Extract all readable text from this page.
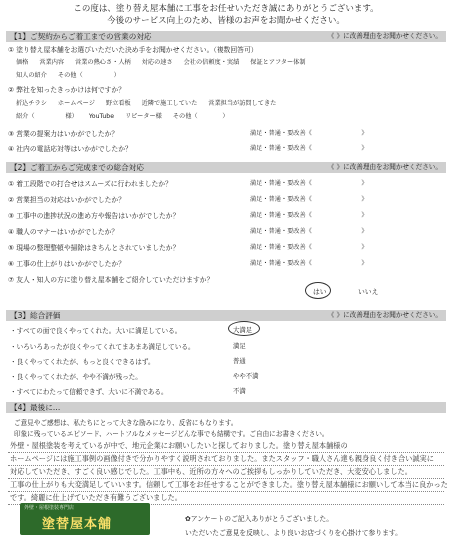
この度は、塗り替え屋本舗に工事をお任せいただき誠にありがとうございます。
今後のサービス向上のため、皆様のお声をお聞かせください。
【1】ご契約からご着工までの営業の対応	《 》に改善理由をお聞かせください。
① 塗り替え屋本舗をお選びいただいた決め手をお聞かせください。（複数回答可）
価格 営業内容 営業の熱心さ・人柄 対応の速さ 会社の信頼度・実績 保証とアフター体制
知人の紹介 その他（　　　　　）
② 弊社を知ったきっかけは何ですか？
折込チラシ ホームページ 野立看板 近隣で施工していた 営業担当が訪問してきた
紹介（　　　　　様） YouTube リピーター様 その他（　　　　）
③ 営業の提案力はいかがでしたか？	満足・普通・要改善《　　　　　　　　》
④ 社内の電話応対等はいかがでしたか？	満足・普通・要改善《　　　　　　　　》
【2】ご着工からご完成までの総合対応	《 》に改善理由をお聞かせください。
① 着工段階での打合せはスムーズに行われましたか？	満足・普通・要改善《　　　　　　　　》
② 営業担当の対応はいかがでしたか？	満足・普通・要改善《　　　　　　　　》
③ 工事中の進捗状況の進め方や報告はいかがでしたか？	満足・普通・要改善《　　　　　　　　》
④ 職人のマナーはいかがでしたか？	満足・普通・要改善《　　　　　　　　》
⑤ 現場の整理整頓や掃除はきちんとされていましたか？	満足・普通・要改善《　　　　　　　　》
⑥ 工事の仕上がりはいかがでしたか？	満足・普通・要改善《　　　　　　　　》
⑦ 友人・知人の方に塗り替え屋本舗をご紹介していただけますか？
はい	いいえ
【3】総合評価	《 》に改善理由をお聞かせください。
・すべての面で良くやってくれた。大いに満足している。	大満足
・いろいろあったが良くやってくれてまあまあ満足している。	満足
・良くやってくれたが、もっと良くできるはず。	普通
・良くやってくれたが、やや不満が残った。	やや不満
・すべてにわたって信頼できず、大いに不満である。	不満
【4】最後に…
ご意見やご感想は、私たちにとって大きな励みになり、反省にもなります。
印象に残っているエピソード、ハートフルなメッセージどんな事でも結構です。ご自由にお書きください。
外壁・屋根塗装を考えているが中で、地元企業にお願いしたいと探しておりました。塗り替え屋本舗様の
ホームページには施工事例の画像付きで分かりやすく説明されておりました。またスタッフ・職人さん達も親身良く付き合い誠実に
対応していただき、すごく良い感じでした。工事中も、近所の方々へのご挨拶もしっかりしていただき、大変安心しました。
工事の仕上がりも大変満足していいます。信頼して工事をお任せすることができました。塗り替え屋本舗様にお願いして本当に良かった
です。綺麗に仕上げていただき有難うございました。
外壁・屋根塗装専門店
塗替屋本舗	✿アンケートのご記入ありがとうございました。
いただいたご意見を反映し、より良いお店づくりを心掛けて参ります。
